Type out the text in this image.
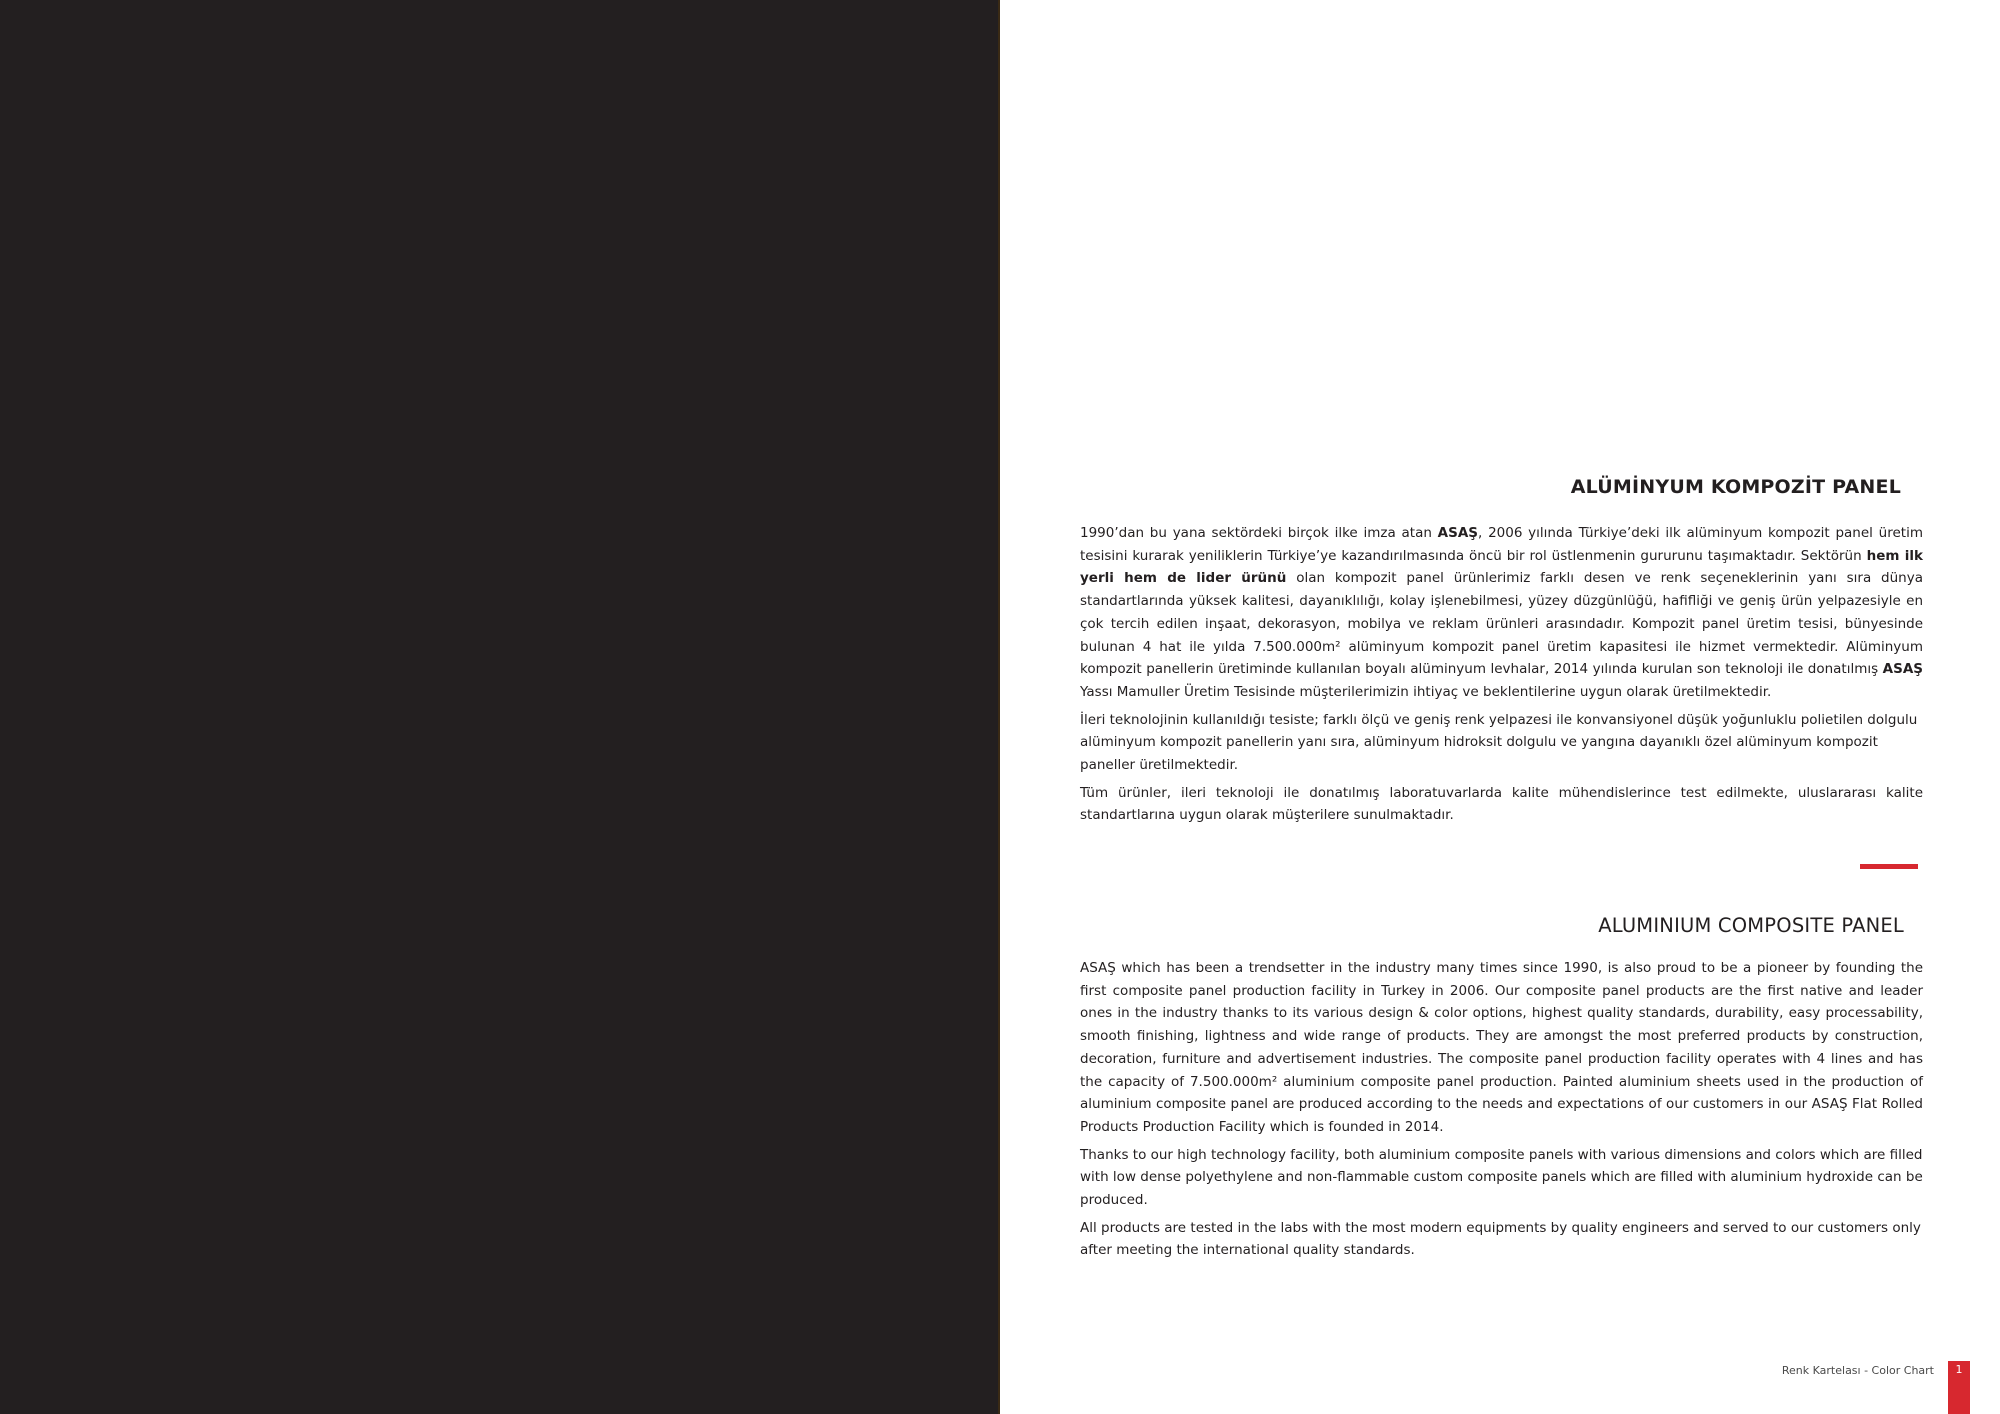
ALÜMİNYUM KOMPOZİT PANEL

1990’dan bu yana sektördeki birçok ilke imza atan ASAŞ, 2006 yılında Türkiye’deki ilk alüminyum kompozit panel üretim tesisini kurarak yeniliklerin Türkiye’ye kazandırılmasında öncü bir rol üstlenmenin gururunu taşımaktadır. Sektörün hem ilk yerli hem de lider ürünü olan kompozit panel ürünlerimiz farklı desen ve renk seçeneklerinin yanı sıra dünya standartlarında yüksek kalitesi, dayanıklılığı, kolay işlenebilmesi, yüzey düzgünlüğü, hafifliği ve geniş ürün yelpazesiyle en çok tercih edilen inşaat, dekorasyon, mobilya ve reklam ürünleri arasındadır. Kompozit panel üretim tesisi, bünyesinde bulunan 4 hat ile yılda 7.500.000m² alüminyum kompozit panel üretim kapasitesi ile hizmet vermektedir. Alüminyum kompozit panellerin üretiminde kullanılan boyalı alüminyum levhalar, 2014 yılında kurulan son teknoloji ile donatılmış ASAŞ Yassı Mamuller Üretim Tesisinde müşterilerimizin ihtiyaç ve beklentilerine uygun olarak üretilmektedir.

İleri teknolojinin kullanıldığı tesiste; farklı ölçü ve geniş renk yelpazesi ile konvansiyonel düşük yoğunluklu polietilen dolgulu alüminyum kompozit panellerin yanı sıra, alüminyum hidroksit dolgulu ve yangına dayanıklı özel alüminyum kompozit paneller üretilmektedir.

Tüm ürünler, ileri teknoloji ile donatılmış laboratuvarlarda kalite mühendislerince test edilmekte, uluslararası kalite standartlarına uygun olarak müşterilere sunulmaktadır.

ALUMINIUM COMPOSITE PANEL

ASAŞ which has been a trendsetter in the industry many times since 1990, is also proud to be a pioneer by founding the first composite panel production facility in Turkey in 2006. Our composite panel products are the first native and leader ones in the industry thanks to its various design & color options, highest quality standards, durability, easy processability, smooth finishing, lightness and wide range of products. They are amongst the most preferred products by construction, decoration, furniture and advertisement industries. The composite panel production facility operates with 4 lines and has the capacity of 7.500.000m² aluminium composite panel production. Painted aluminium sheets used in the production of aluminium composite panel are produced according to the needs and expectations of our customers in our ASAŞ Flat Rolled Products Production Facility which is founded in 2014.

Thanks to our high technology facility, both aluminium composite panels with various dimensions and colors which are filled with low dense polyethylene and non-flammable custom composite panels which are filled with aluminium hydroxide can be produced.

All products are tested in the labs with the most modern equipments by quality engineers and served to our customers only after meeting the international quality standards.

Renk Kartelası - Color Chart	1
